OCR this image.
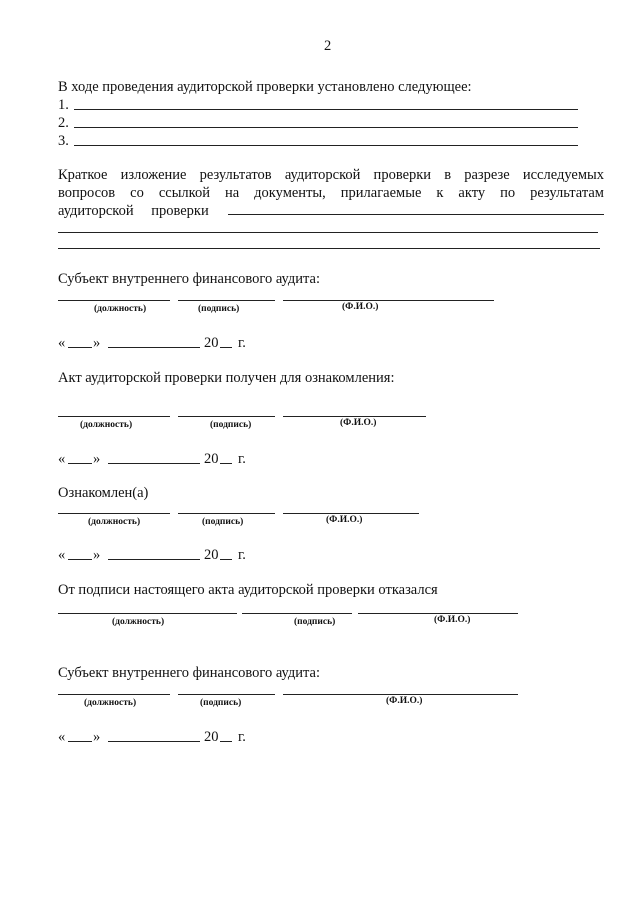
2
В ходе проведения аудиторской проверки установлено следующее:
1.
2.
3.
Краткое изложение результатов аудиторской проверки в разрезе исследуемых
вопросов со ссылкой на документы, прилагаемые к акту по результатам
аудиторской проверки
Субъект внутреннего финансового аудита:
(должность)	(подпись)	(Ф.И.О.)
« »	20 г.
Акт аудиторской проверки получен для ознакомления:
(должность)	(подпись)	(Ф.И.О.)
« »	20 г.
Ознакомлен(а)
(должность)	(подпись)	(Ф.И.О.)
« »	20 г.
От подписи настоящего акта аудиторской проверки отказался
(должность)	(подпись)	(Ф.И.О.)
Субъект внутреннего финансового аудита:
(должность)	(подпись)	(Ф.И.О.)
« »	20 г.
